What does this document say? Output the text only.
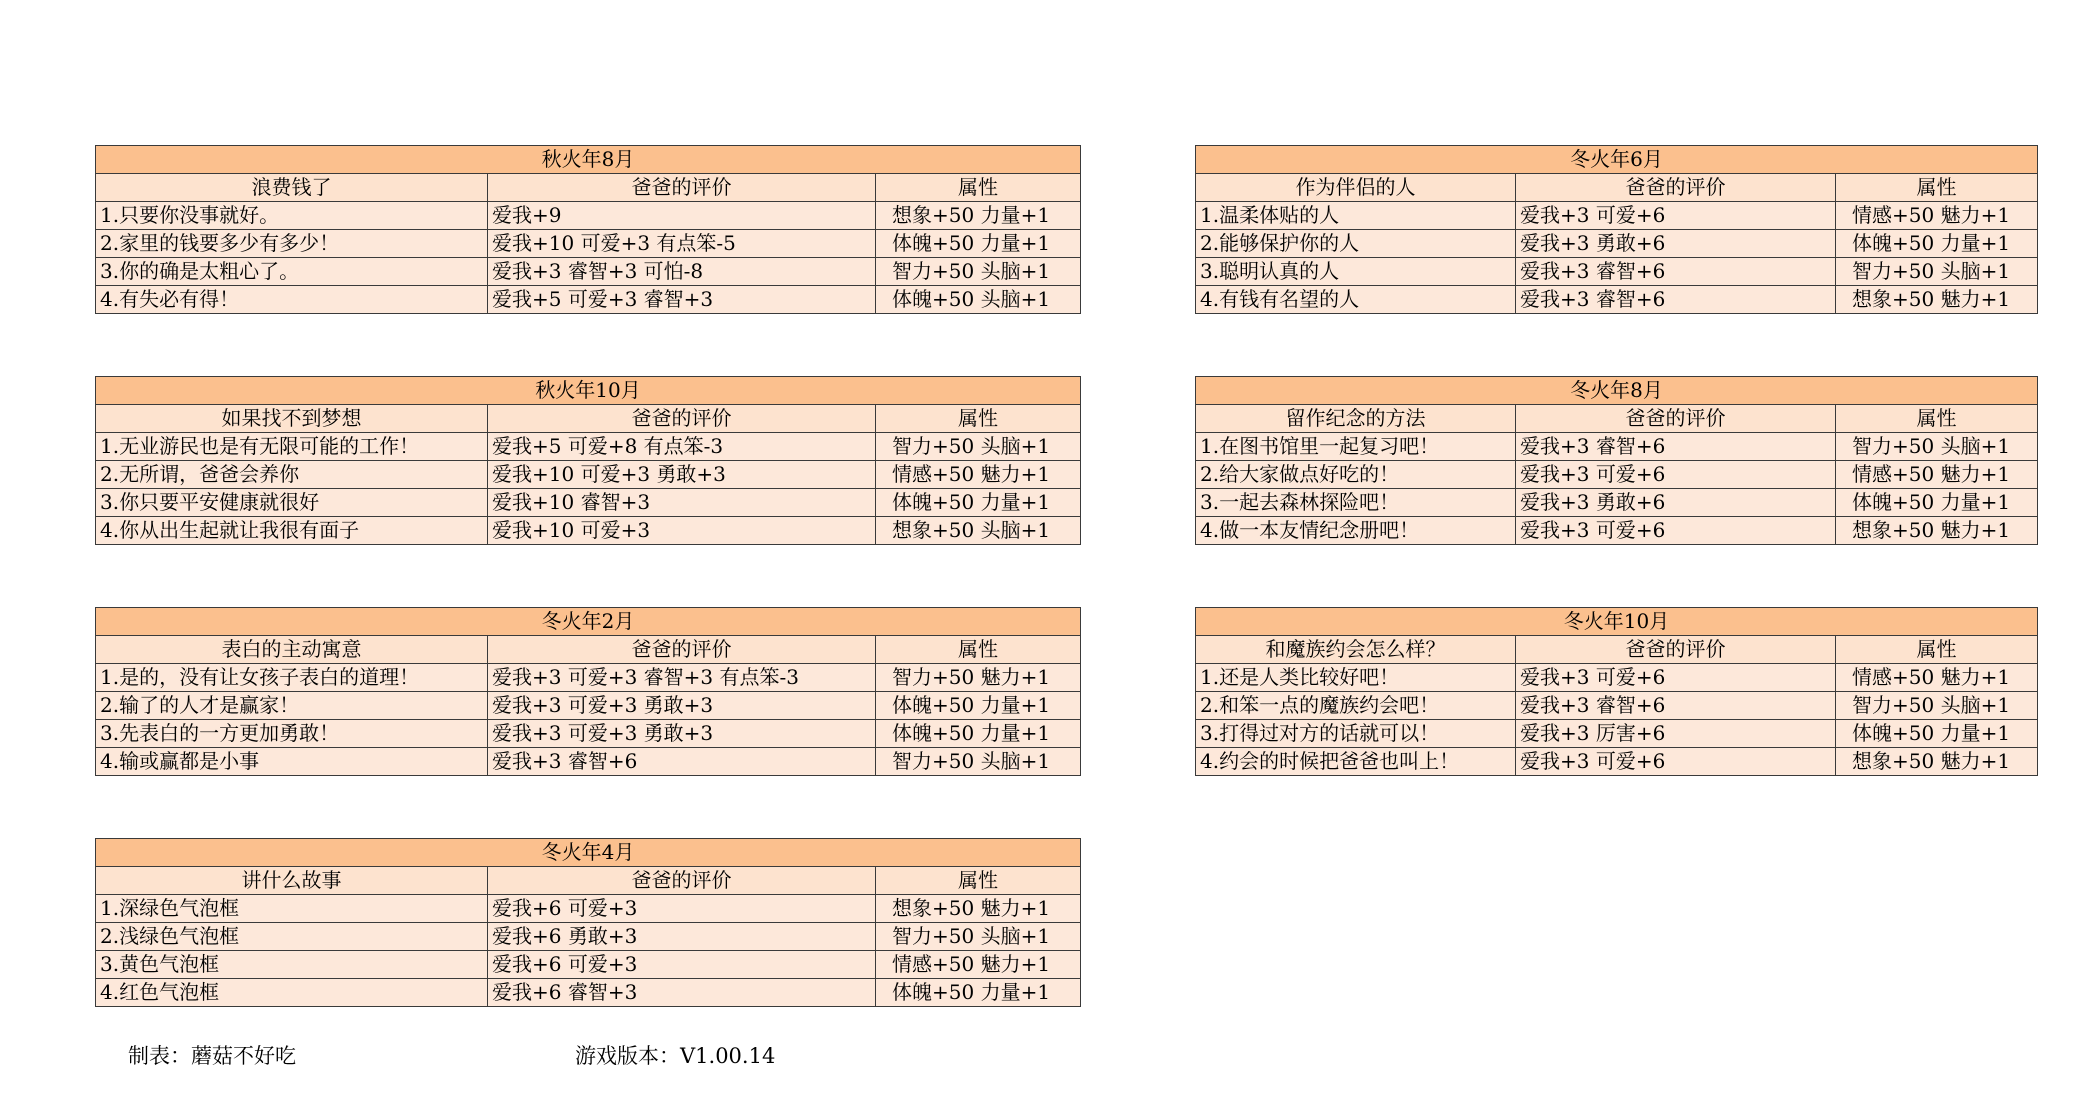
秋火年8月		
浪费钱了	爸爸的评价	属性
1.只要你没事就好。	爱我+9	想象+50 力量+1
2.家里的钱要多少有多少！	爱我+10 可爱+3 有点笨-5	体魄+50 力量+1
3.你的确是太粗心了。	爱我+3 睿智+3 可怕-8	智力+50 头脑+1
4.有失必有得！	爱我+5 可爱+3 睿智+3	体魄+50 头脑+1
秋火年10月		
如果找不到梦想	爸爸的评价	属性
1.无业游民也是有无限可能的工作！	爱我+5 可爱+8 有点笨-3	智力+50 头脑+1
2.无所谓，爸爸会养你	爱我+10 可爱+3 勇敢+3	情感+50 魅力+1
3.你只要平安健康就很好	爱我+10 睿智+3	体魄+50 力量+1
4.你从出生起就让我很有面子	爱我+10 可爱+3	想象+50 头脑+1
冬火年2月		
表白的主动寓意	爸爸的评价	属性
1.是的，没有让女孩子表白的道理！	爱我+3 可爱+3 睿智+3 有点笨-3	智力+50 魅力+1
2.输了的人才是赢家！	爱我+3 可爱+3 勇敢+3	体魄+50 力量+1
3.先表白的一方更加勇敢！	爱我+3 可爱+3 勇敢+3	体魄+50 力量+1
4.输或赢都是小事	爱我+3 睿智+6	智力+50 头脑+1
冬火年4月		
讲什么故事	爸爸的评价	属性
1.深绿色气泡框	爱我+6 可爱+3	想象+50 魅力+1
2.浅绿色气泡框	爱我+6 勇敢+3	智力+50 头脑+1
3.黄色气泡框	爱我+6 可爱+3	情感+50 魅力+1
4.红色气泡框	爱我+6 睿智+3	体魄+50 力量+1
冬火年6月		
作为伴侣的人	爸爸的评价	属性
1.温柔体贴的人	爱我+3 可爱+6	情感+50 魅力+1
2.能够保护你的人	爱我+3 勇敢+6	体魄+50 力量+1
3.聪明认真的人	爱我+3 睿智+6	智力+50 头脑+1
4.有钱有名望的人	爱我+3 睿智+6	想象+50 魅力+1
冬火年8月		
留作纪念的方法	爸爸的评价	属性
1.在图书馆里一起复习吧！	爱我+3 睿智+6	智力+50 头脑+1
2.给大家做点好吃的！	爱我+3 可爱+6	情感+50 魅力+1
3.一起去森林探险吧！	爱我+3 勇敢+6	体魄+50 力量+1
4.做一本友情纪念册吧！	爱我+3 可爱+6	想象+50 魅力+1
冬火年10月		
和魔族约会怎么样？	爸爸的评价	属性
1.还是人类比较好吧！	爱我+3 可爱+6	情感+50 魅力+1
2.和笨一点的魔族约会吧！	爱我+3 睿智+6	智力+50 头脑+1
3.打得过对方的话就可以！	爱我+3 厉害+6	体魄+50 力量+1
4.约会的时候把爸爸也叫上！	爱我+3 可爱+6	想象+50 魅力+1
制表：蘑菇不好吃	游戏版本：V1.00.14
